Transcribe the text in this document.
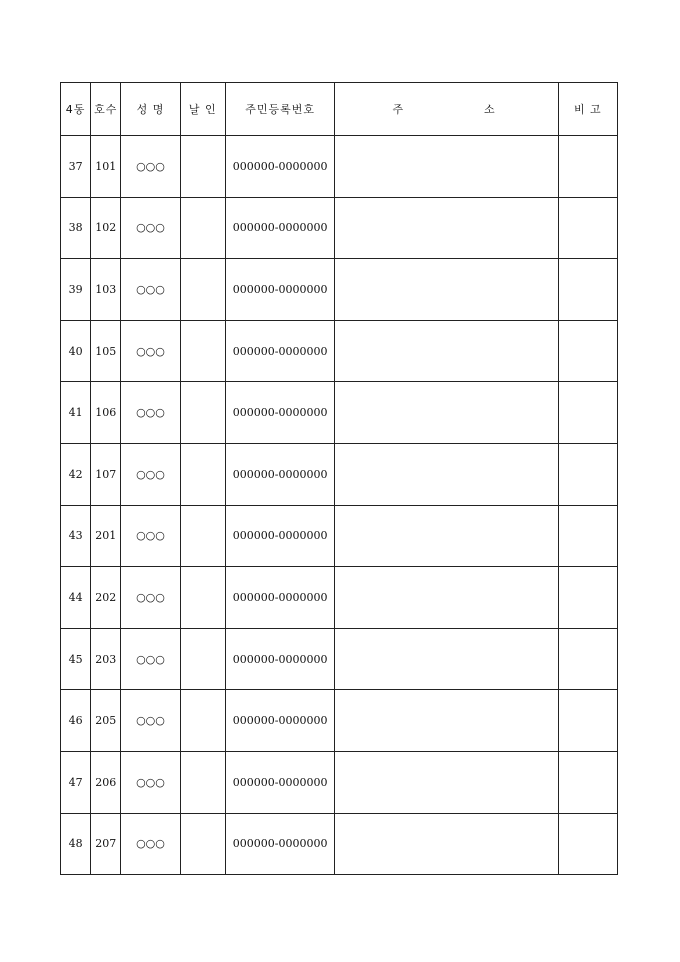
4동	호수	성 명	날 인	주민등록번호	주 소	비 고
37	101	○○○		000000-0000000		
38	102	○○○		000000-0000000		
39	103	○○○		000000-0000000		
40	105	○○○		000000-0000000		
41	106	○○○		000000-0000000		
42	107	○○○		000000-0000000		
43	201	○○○		000000-0000000		
44	202	○○○		000000-0000000		
45	203	○○○		000000-0000000		
46	205	○○○		000000-0000000		
47	206	○○○		000000-0000000		
48	207	○○○		000000-0000000		
